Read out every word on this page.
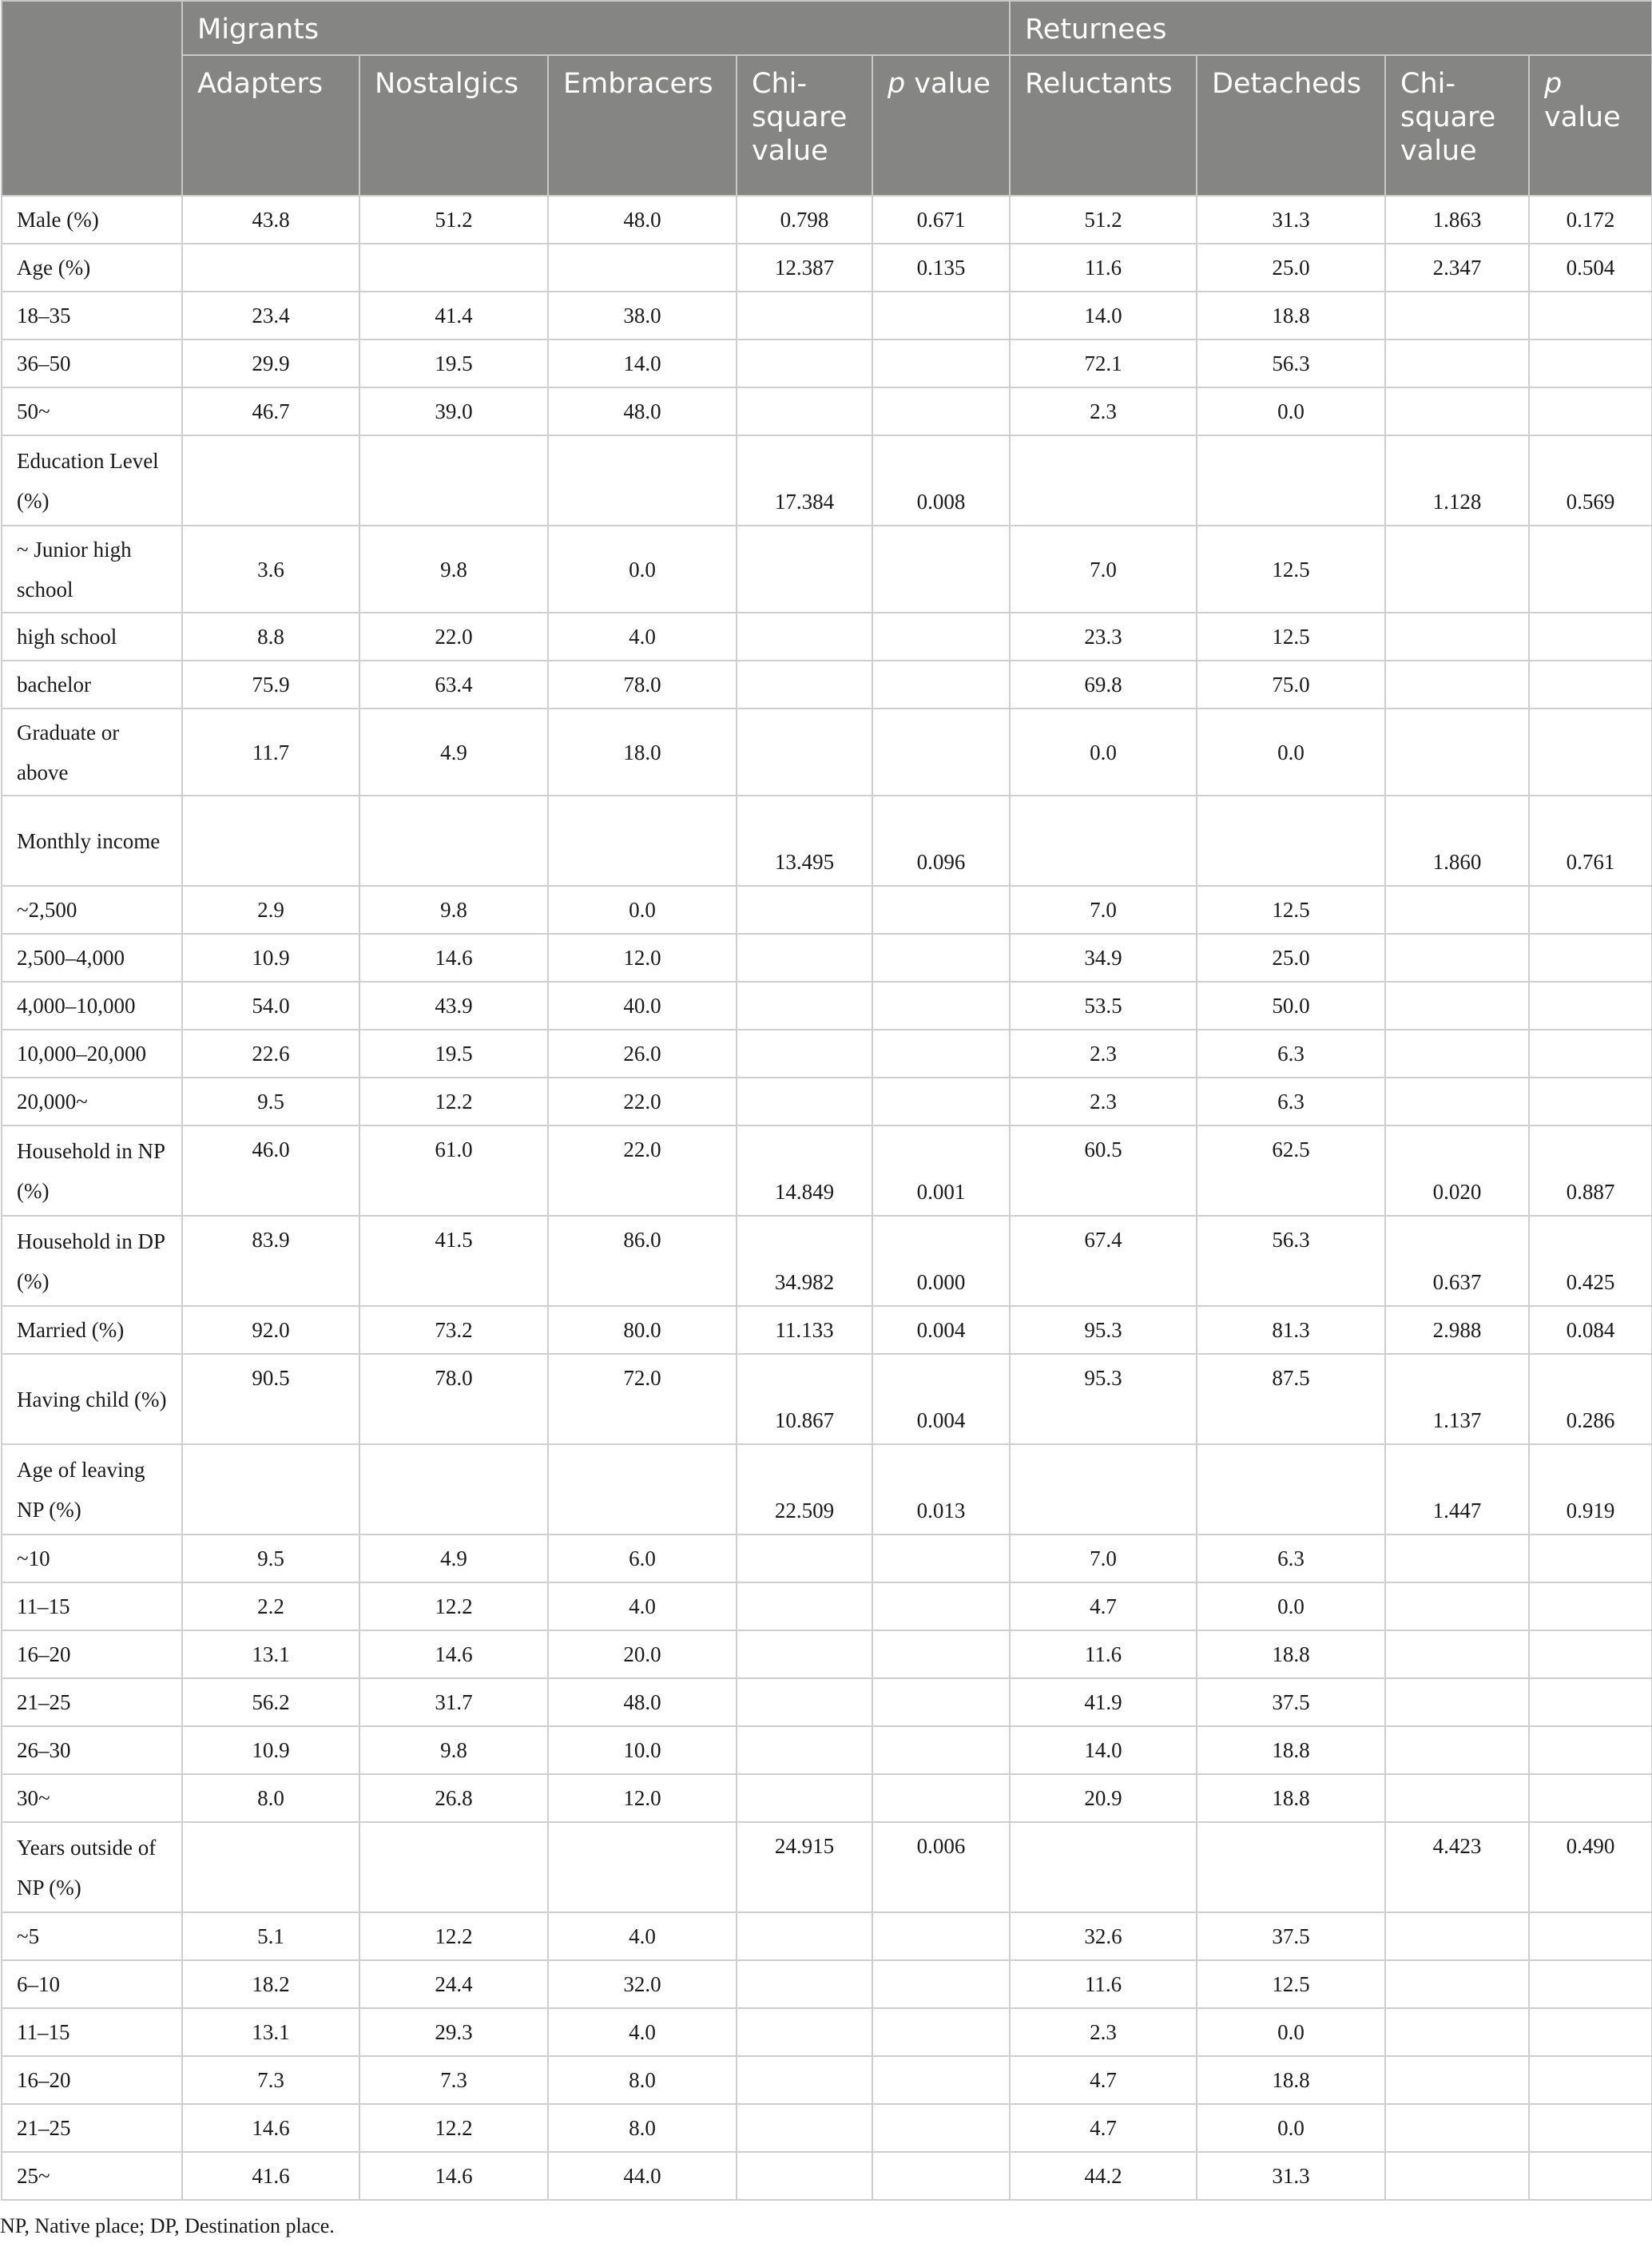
	Migrants					Returnees			
	Adapters	Nostalgics	Embracers	Chi-square value	p value	Reluctants	Detacheds	Chi-square value	p value
Male (%)	43.8	51.2	48.0	0.798	0.671	51.2	31.3	1.863	0.172
Age (%)				12.387	0.135	11.6	25.0	2.347	0.504
18–35	23.4	41.4	38.0			14.0	18.8		
36–50	29.9	19.5	14.0			72.1	56.3		
50~	46.7	39.0	48.0			2.3	0.0		
Education Level (%)				17.384	0.008			1.128	0.569
~ Junior high school	3.6	9.8	0.0			7.0	12.5		
high school	8.8	22.0	4.0			23.3	12.5		
bachelor	75.9	63.4	78.0			69.8	75.0		
Graduate or above	11.7	4.9	18.0			0.0	0.0		
Monthly income				13.495	0.096			1.860	0.761
~2,500	2.9	9.8	0.0			7.0	12.5		
2,500–4,000	10.9	14.6	12.0			34.9	25.0		
4,000–10,000	54.0	43.9	40.0			53.5	50.0		
10,000–20,000	22.6	19.5	26.0			2.3	6.3		
20,000~	9.5	12.2	22.0			2.3	6.3		
Household in NP (%)	46.0	61.0	22.0	14.849	0.001	60.5	62.5	0.020	0.887
Household in DP (%)	83.9	41.5	86.0	34.982	0.000	67.4	56.3	0.637	0.425
Married (%)	92.0	73.2	80.0	11.133	0.004	95.3	81.3	2.988	0.084
Having child (%)	90.5	78.0	72.0	10.867	0.004	95.3	87.5	1.137	0.286
Age of leaving NP (%)				22.509	0.013			1.447	0.919
~10	9.5	4.9	6.0			7.0	6.3		
11–15	2.2	12.2	4.0			4.7	0.0		
16–20	13.1	14.6	20.0			11.6	18.8		
21–25	56.2	31.7	48.0			41.9	37.5		
26–30	10.9	9.8	10.0			14.0	18.8		
30~	8.0	26.8	12.0			20.9	18.8		
Years outside of NP (%)				24.915	0.006			4.423	0.490
~5	5.1	12.2	4.0			32.6	37.5		
6–10	18.2	24.4	32.0			11.6	12.5		
11–15	13.1	29.3	4.0			2.3	0.0		
16–20	7.3	7.3	8.0			4.7	18.8		
21–25	14.6	12.2	8.0			4.7	0.0		
25~	41.6	14.6	44.0			44.2	31.3		
NP, Native place; DP, Destination place.
